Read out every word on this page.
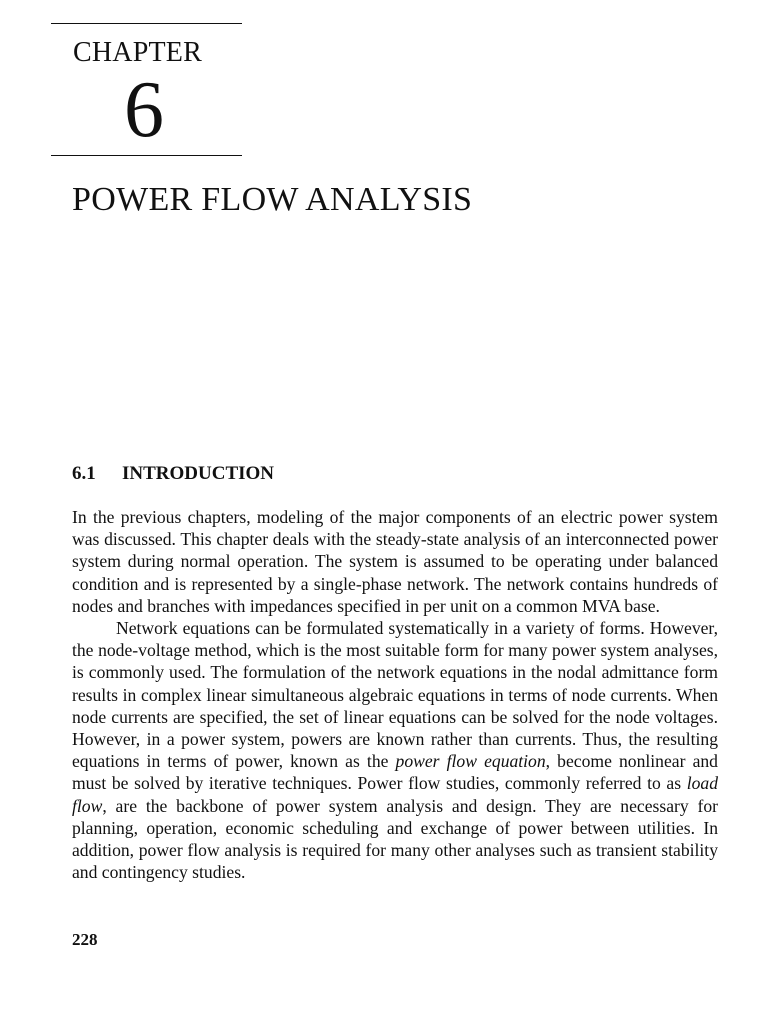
CHAPTER
6
POWER FLOW ANALYSIS
6.1 INTRODUCTION

In the previous chapters, modeling of the major components of an electric power system was discussed. This chapter deals with the steady-state analysis of an interconnected power system during normal operation. The system is assumed to be operating under balanced condition and is represented by a single-phase network. The network contains hundreds of nodes and branches with impedances specified in per unit on a common MVA base.

Network equations can be formulated systematically in a variety of forms. However, the node-voltage method, which is the most suitable form for many power system analyses, is commonly used. The formulation of the network equations in the nodal admittance form results in complex linear simultaneous algebraic equations in terms of node currents. When node currents are specified, the set of linear equations can be solved for the node voltages. However, in a power system, powers are known rather than currents. Thus, the resulting equations in terms of power, known as the power flow equation, become nonlinear and must be solved by iterative techniques. Power flow studies, commonly referred to as load flow, are the backbone of power system analysis and design. They are necessary for planning, operation, economic scheduling and exchange of power between utilities. In addition, power flow analysis is required for many other analyses such as transient stability and contingency studies.

228
